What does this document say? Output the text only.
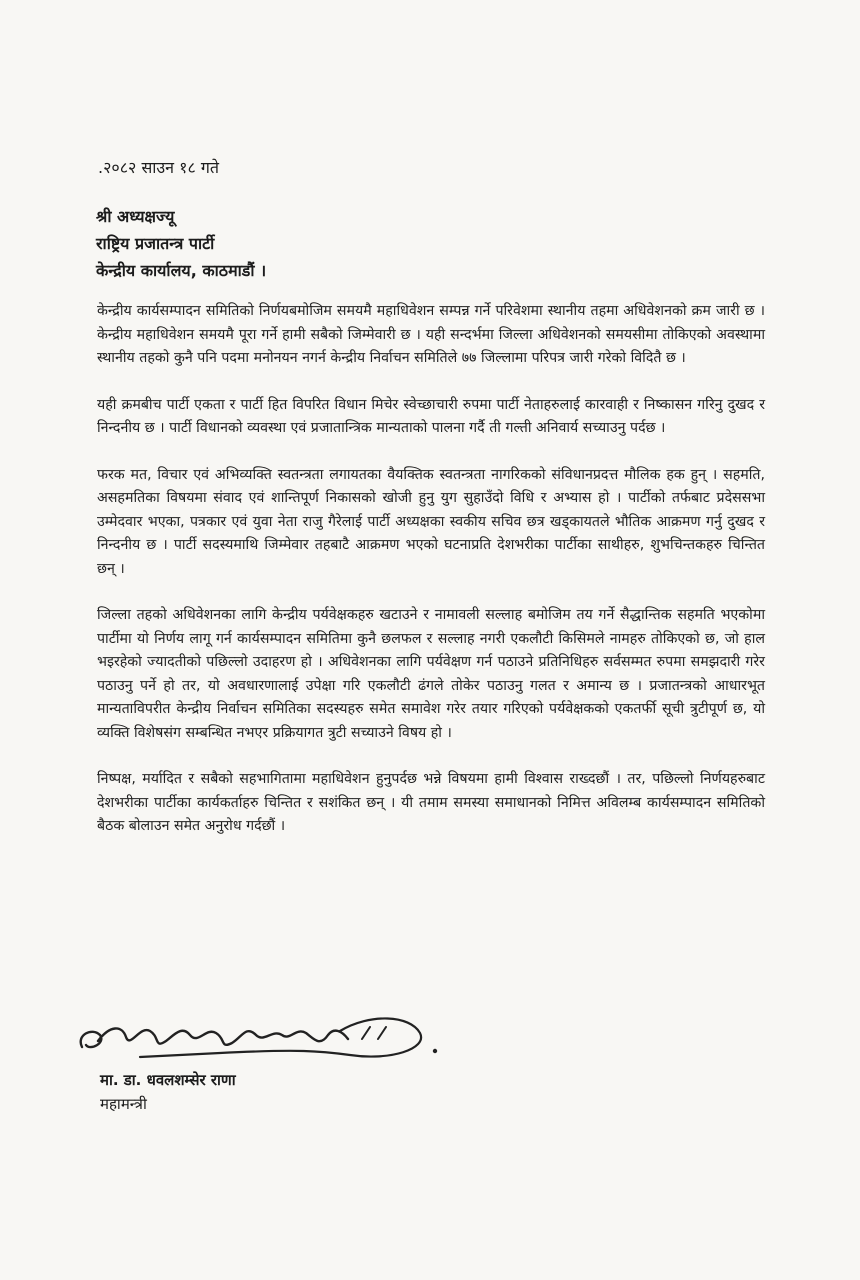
.२०८२ साउन १८ गते
श्री अध्यक्षज्यू
राष्ट्रिय प्रजातन्त्र पार्टी
केन्द्रीय कार्यालय, काठमाडौं ।

केन्द्रीय कार्यसम्पादन समितिको निर्णयबमोजिम समयमै महाधिवेशन सम्पन्न गर्ने परिवेशमा स्थानीय तहमा अधिवेशनको क्रम जारी छ । केन्द्रीय महाधिवेशन समयमै पूरा गर्ने हामी सबैको जिम्मेवारी छ । यही सन्दर्भमा जिल्ला अधिवेशनको समयसीमा तोकिएको अवस्थामा स्थानीय तहको कुनै पनि पदमा मनोनयन नगर्न केन्द्रीय निर्वाचन समितिले ७७ जिल्लामा परिपत्र जारी गरेको विदितै छ ।

यही क्रमबीच पार्टी एकता र पार्टी हित विपरित विधान मिचेर स्वेच्छाचारी रुपमा पार्टी नेताहरुलाई कारवाही र निष्कासन गरिनु दुखद र निन्दनीय छ । पार्टी विधानको व्यवस्था एवं प्रजातान्त्रिक मान्यताको पालना गर्दै ती गल्ती अनिवार्य सच्याउनु पर्दछ ।

फरक मत, विचार एवं अभिव्यक्ति स्वतन्त्रता लगायतका वैयक्तिक स्वतन्त्रता नागरिकको संविधानप्रदत्त मौलिक हक हुन् । सहमति, असहमतिका विषयमा संवाद एवं शान्तिपूर्ण निकासको खोजी हुनु युग सुहाउँदो विधि र अभ्यास हो । पार्टीको तर्फबाट प्रदेससभा उम्मेदवार भएका, पत्रकार एवं युवा नेता राजु गैरेलाई पार्टी अध्यक्षका स्वकीय सचिव छत्र खड्कायतले भौतिक आक्रमण गर्नु दुखद र निन्दनीय छ । पार्टी सदस्यमाथि जिम्मेवार तहबाटै आक्रमण भएको घटनाप्रति देशभरीका पार्टीका साथीहरु, शुभचिन्तकहरु चिन्तित छन् ।

जिल्ला तहको अधिवेशनका लागि केन्द्रीय पर्यवेक्षकहरु खटाउने र नामावली सल्लाह बमोजिम तय गर्ने सैद्धान्तिक सहमति भएकोमा पार्टीमा यो निर्णय लागू गर्न कार्यसम्पादन समितिमा कुनै छलफल र सल्लाह नगरी एकलौटी किसिमले नामहरु तोकिएको छ, जो हाल भइरहेको ज्यादतीको पछिल्लो उदाहरण हो । अधिवेशनका लागि पर्यवेक्षण गर्न पठाउने प्रतिनिधिहरु सर्वसम्मत रुपमा समझदारी गरेर पठाउनु पर्ने हो तर, यो अवधारणालाई उपेक्षा गरि एकलौटी ढंगले तोकेर पठाउनु गलत र अमान्य छ । प्रजातन्त्रको आधारभूत मान्यताविपरीत केन्द्रीय निर्वाचन समितिका सदस्यहरु समेत समावेश गरेर तयार गरिएको पर्यवेक्षकको एकतर्फी सूची त्रुटीपूर्ण छ, यो व्यक्ति विशेषसंग सम्बन्धित नभएर प्रक्रियागत त्रुटी सच्याउने विषय हो ।

निष्पक्ष, मर्यादित र सबैको सहभागितामा महाधिवेशन हुनुपर्दछ भन्ने विषयमा हामी विश्वास राख्दछौं । तर, पछिल्लो निर्णयहरुबाट देशभरीका पार्टीका कार्यकर्ताहरु चिन्तित र सशंकित छन् । यी तमाम समस्या समाधानको निमित्त अविलम्ब कार्यसम्पादन समितिको बैठक बोलाउन समेत अनुरोध गर्दछौं ।

मा. डा. धवलशम्सेर राणा
महामन्त्री
